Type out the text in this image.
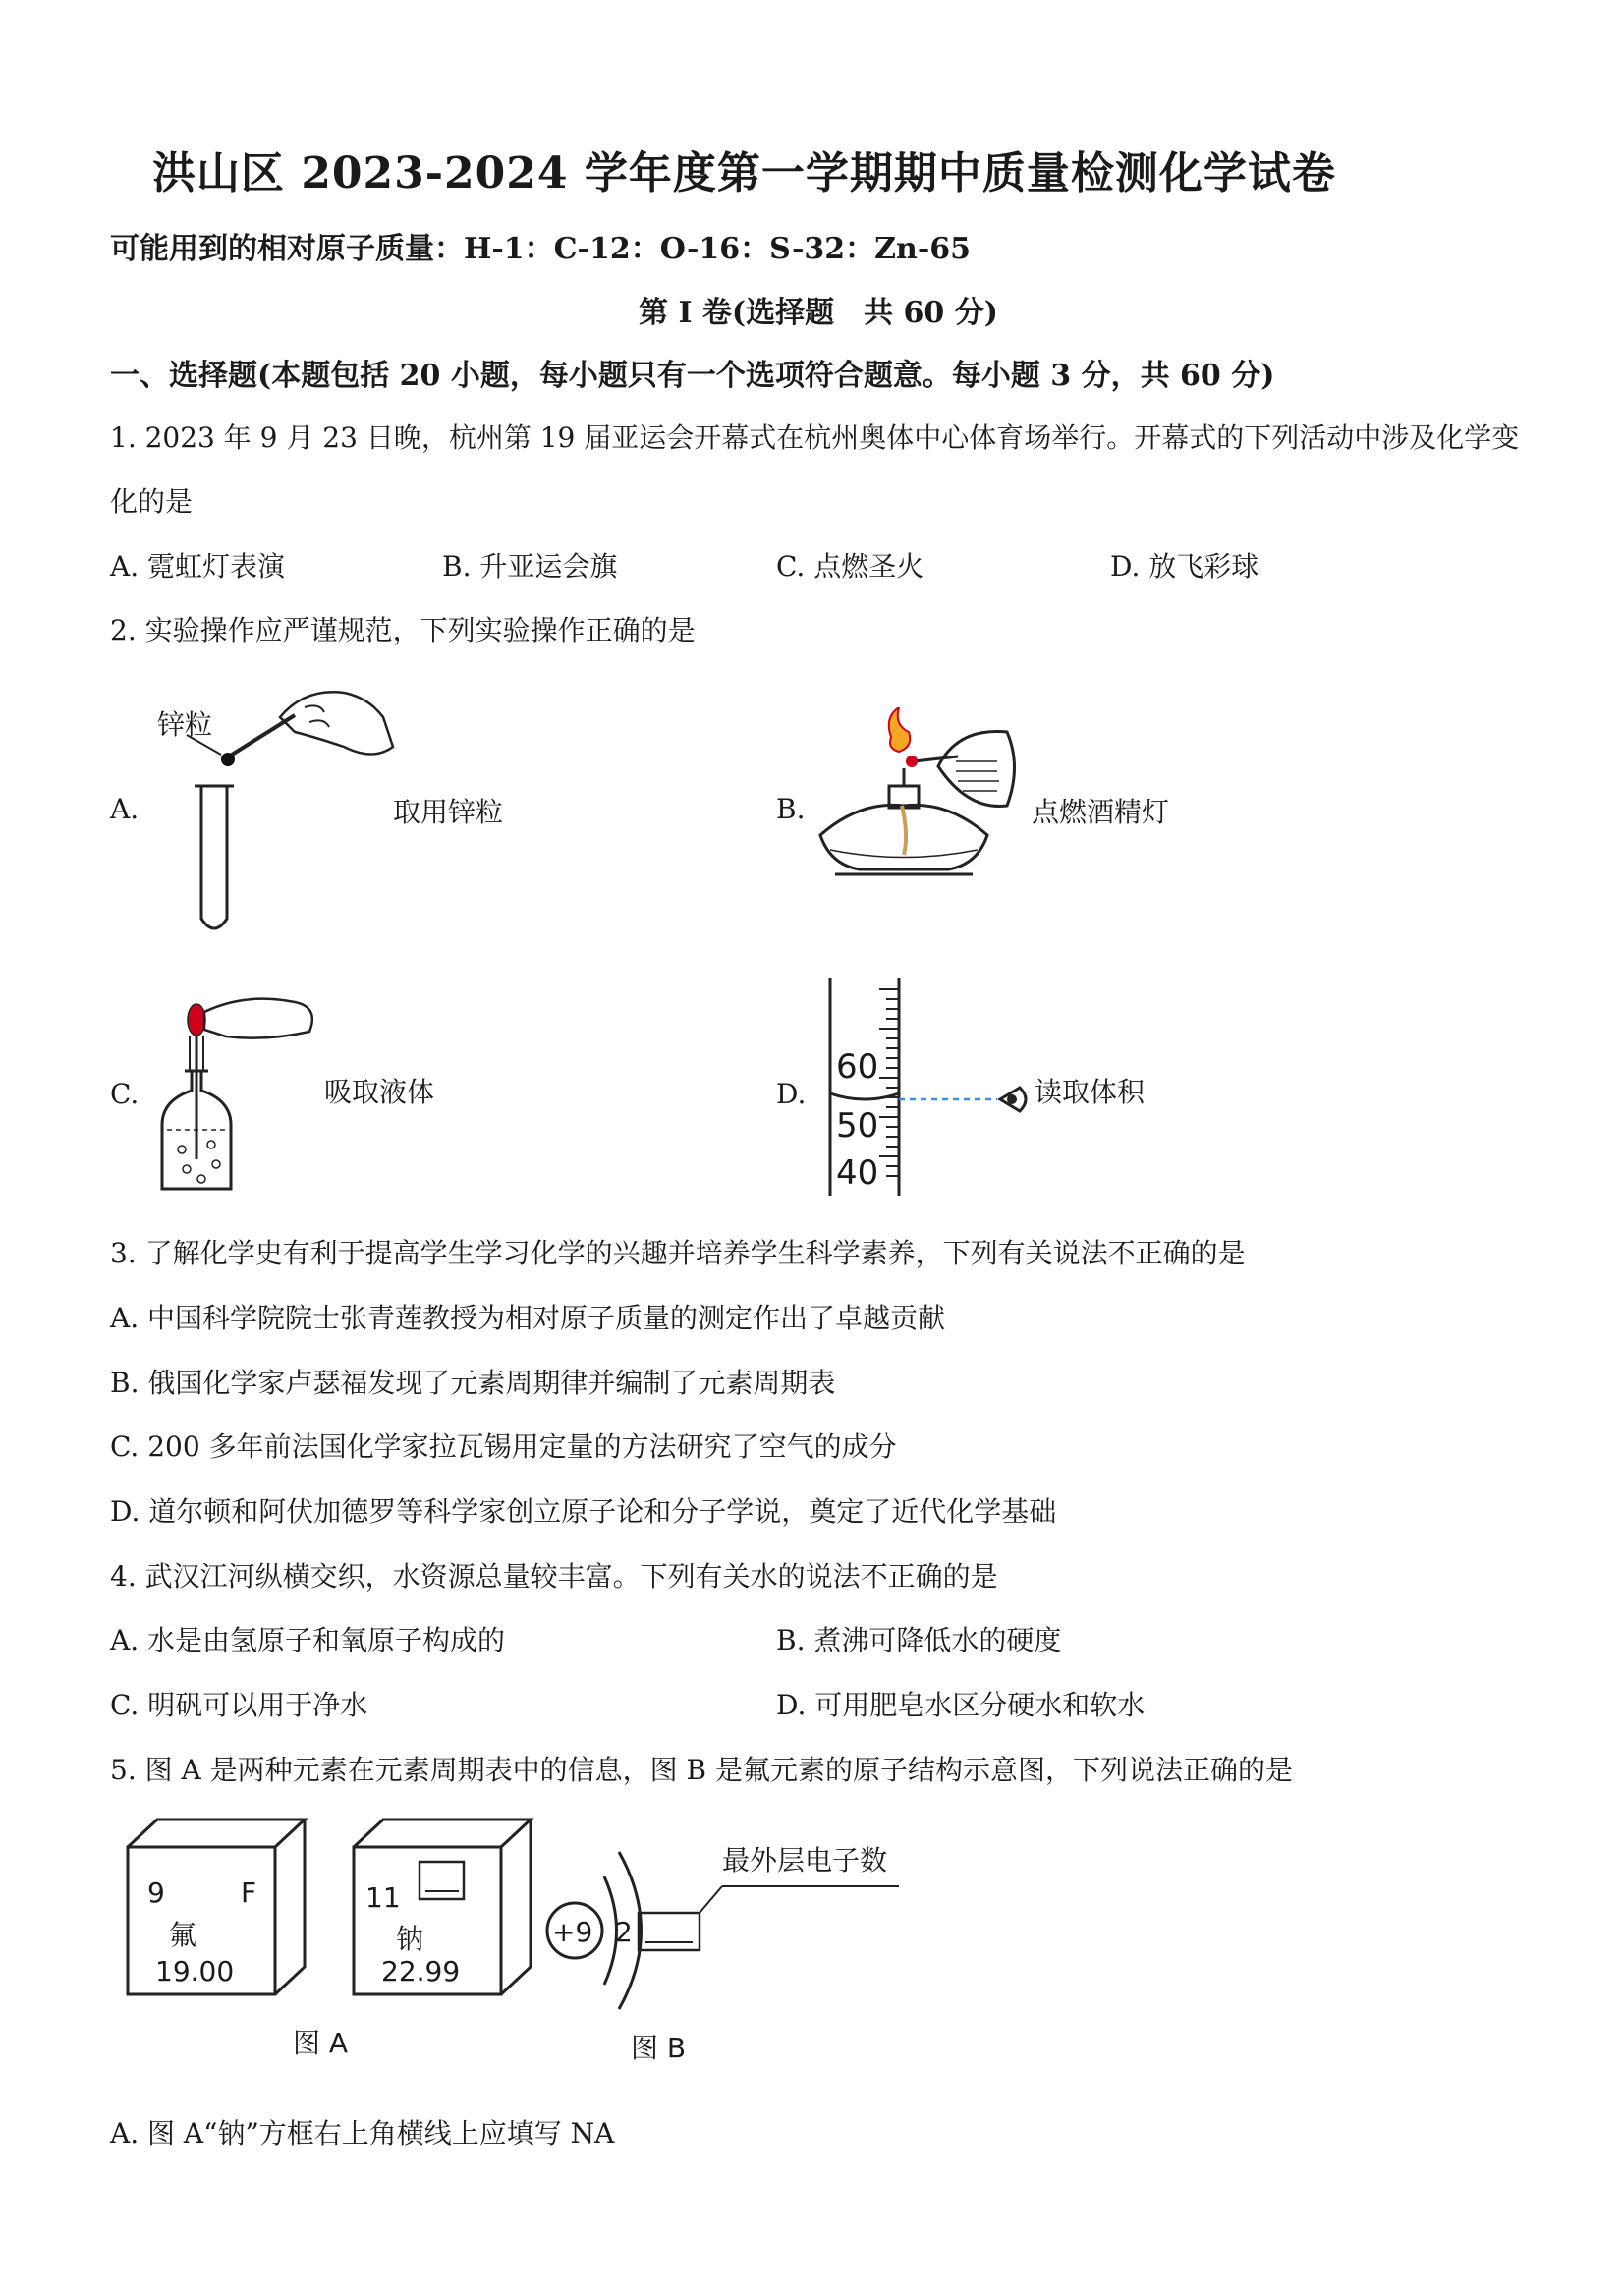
洪山区 2023-2024 学年度第一学期期中质量检测化学试卷
可能用到的相对原子质量：H-1：C-12：O-16：S-32：Zn-65
第 I 卷(选择题　共 60 分)
一、选择题(本题包括 20 小题，每小题只有一个选项符合题意。每小题 3 分，共 60 分)
1. 2023 年 9 月 23 日晚，杭州第 19 届亚运会开幕式在杭州奥体中心体育场举行。开幕式的下列活动中涉及化学变
化的是
A. 霓虹灯表演	B. 升亚运会旗	C. 点燃圣火	D. 放飞彩球
2. 实验操作应严谨规范，下列实验操作正确的是
A.
锌粒
取用锌粒	B.	点燃酒精灯
C.	吸取液体	D.
60
50
40
读取体积
3. 了解化学史有利于提高学生学习化学的兴趣并培养学生科学素养，下列有关说法不正确的是
A. 中国科学院院士张青莲教授为相对原子质量的测定作出了卓越贡献
B. 俄国化学家卢瑟福发现了元素周期律并编制了元素周期表
C. 200 多年前法国化学家拉瓦锡用定量的方法研究了空气的成分
D. 道尔顿和阿伏加德罗等科学家创立原子论和分子学说，奠定了近代化学基础
4. 武汉江河纵横交织，水资源总量较丰富。下列有关水的说法不正确的是
A. 水是由氢原子和氧原子构成的	B. 煮沸可降低水的硬度
C. 明矾可以用于净水	D. 可用肥皂水区分硬水和软水
5. 图 A 是两种元素在元素周期表中的信息，图 B 是氟元素的原子结构示意图，下列说法正确的是
9	F
氟
19.00
11
钠
22.99
图 A
+9 2
最外层电子数
图 B
A. 图 A“钠”方框右上角横线上应填写 NA
